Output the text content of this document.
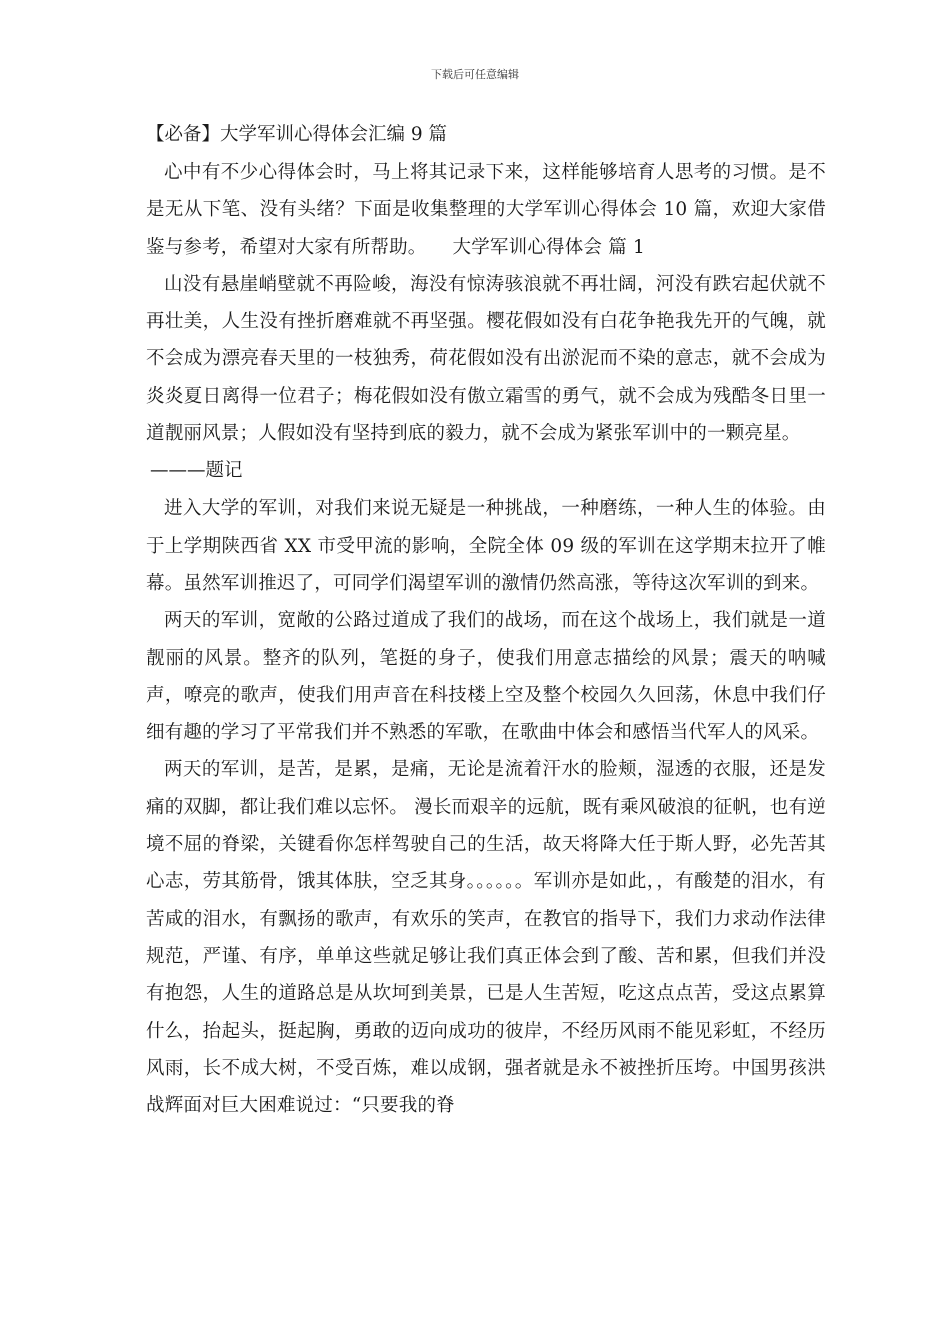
下载后可任意编辑

【必备】大学军训心得体会汇编 9 篇

心中有不少心得体会时，马上将其记录下来，这样能够培育人思考的习惯。是不是无从下笔、没有头绪？下面是收集整理的大学军训心得体会 10 篇，欢迎大家借鉴与参考，希望对大家有所帮助。 大学军训心得体会 篇 1

山没有悬崖峭壁就不再险峻，海没有惊涛骇浪就不再壮阔，河没有跌宕起伏就不再壮美，人生没有挫折磨难就不再坚强。樱花假如没有白花争艳我先开的气魄，就不会成为漂亮春天里的一枝独秀，荷花假如没有出淤泥而不染的意志，就不会成为炎炎夏日离得一位君子；梅花假如没有傲立霜雪的勇气，就不会成为残酷冬日里一道靓丽风景；人假如没有坚持到底的毅力，就不会成为紧张军训中的一颗亮星。

———题记

进入大学的军训，对我们来说无疑是一种挑战，一种磨练，一种人生的体验。由于上学期陕西省 XX 市受甲流的影响，全院全体 09 级的军训在这学期末拉开了帷幕。虽然军训推迟了，可同学们渴望军训的激情仍然高涨，等待这次军训的到来。

两天的军训，宽敞的公路过道成了我们的战场，而在这个战场上，我们就是一道靓丽的风景。整齐的队列，笔挺的身子，使我们用意志描绘的风景；震天的呐喊声，嘹亮的歌声，使我们用声音在科技楼上空及整个校园久久回荡，休息中我们仔细有趣的学习了平常我们并不熟悉的军歌，在歌曲中体会和感悟当代军人的风采。

两天的军训，是苦，是累，是痛，无论是流着汗水的脸颊，湿透的衣服，还是发痛的双脚，都让我们难以忘怀。 漫长而艰辛的远航，既有乘风破浪的征帆，也有逆境不屈的脊梁，关键看你怎样驾驶自己的生活，故天将降大任于斯人野，必先苦其心志，劳其筋骨，饿其体肤，空乏其身。。。。。。军训亦是如此，，有酸楚的泪水，有苦咸的泪水，有飘扬的歌声，有欢乐的笑声，在教官的指导下，我们力求动作法律规范，严谨、有序，单单这些就足够让我们真正体会到了酸、苦和累，但我们并没有抱怨，人生的道路总是从坎坷到美景，已是人生苦短，吃这点点苦，受这点累算什么，抬起头，挺起胸，勇敢的迈向成功的彼岸，不经历风雨不能见彩虹，不经历风雨，长不成大树，不受百炼，难以成钢，强者就是永不被挫折压垮。中国男孩洪战辉面对巨大困难说过：“只要我的脊
